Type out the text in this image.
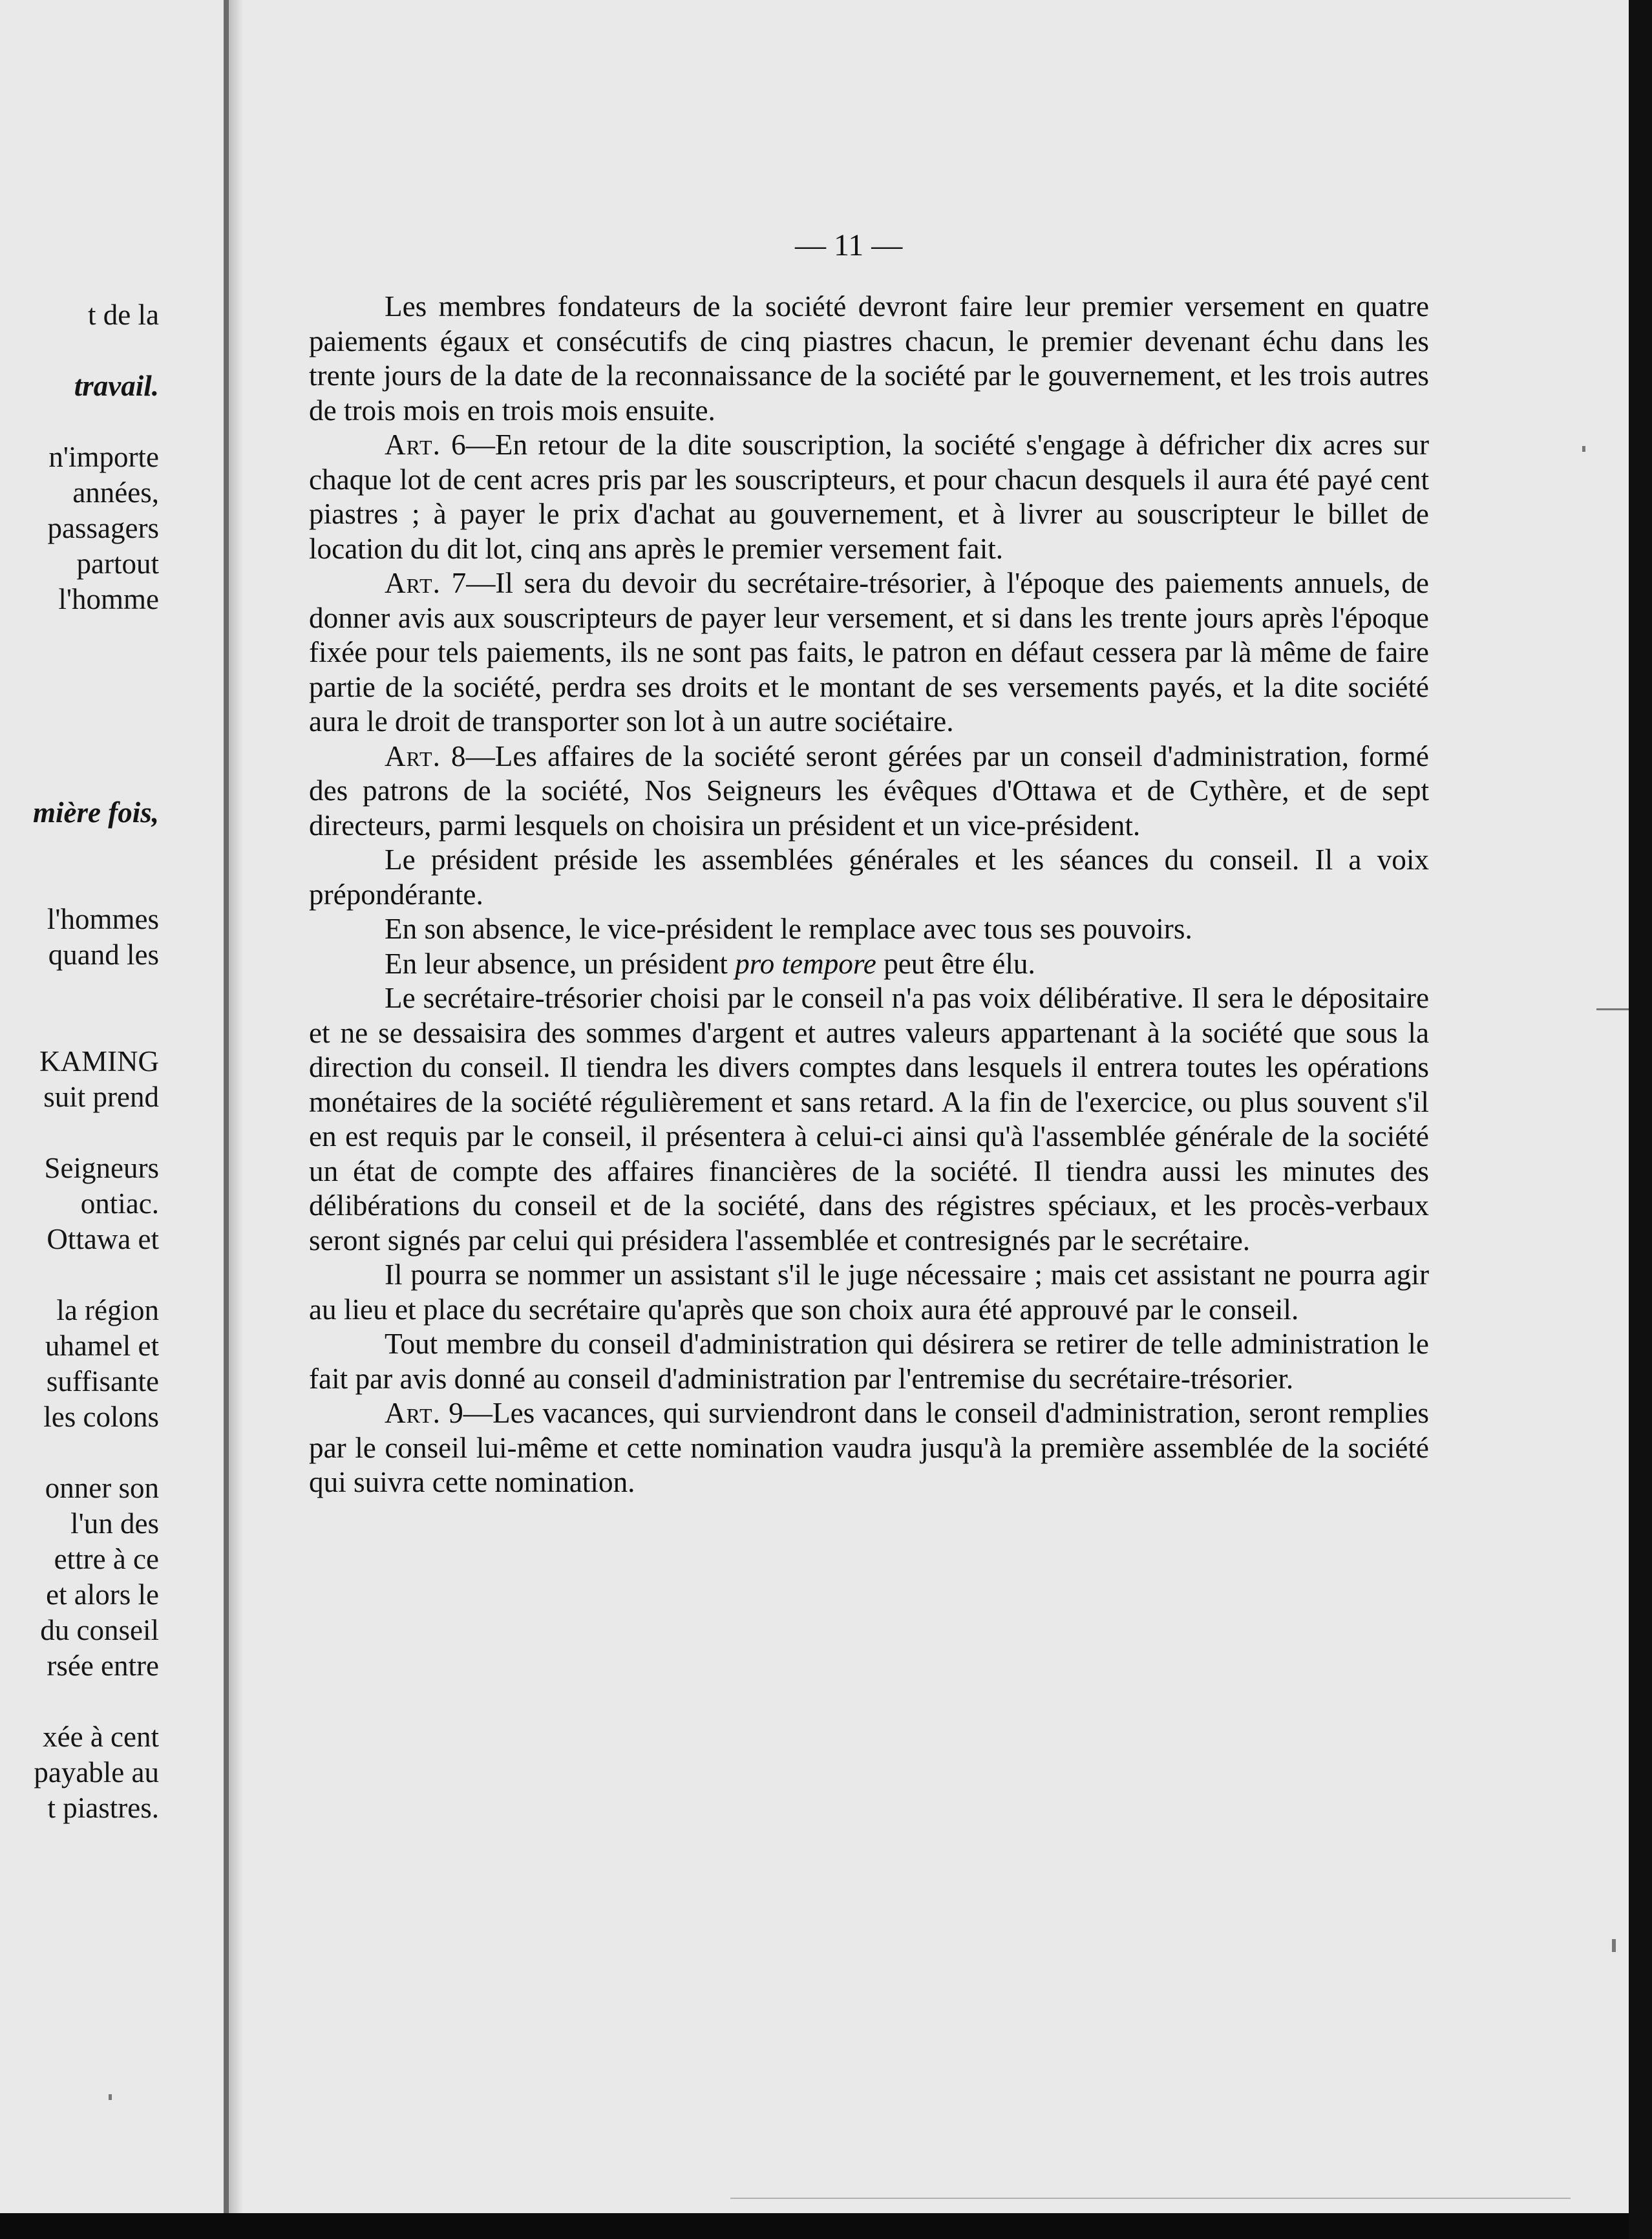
t de la
travail.
n'importe
années,
passagers
partout
l'homme
mière fois,
l'hommes
quand les
KAMING
suit prend
Seigneurs
ontiac.
Ottawa et
la région
uhamel et
suffisante
les colons
onner son
l'un des
ettre à ce
et alors le
du conseil
rsée entre
xée à cent
payable au
t piastres.
— 11 —

Les membres fondateurs de la société devront faire leur premier versement en quatre paiements égaux et consécutifs de cinq piastres chacun, le premier devenant échu dans les trente jours de la date de la reconnaissance de la société par le gouvernement, et les trois autres de trois mois en trois mois ensuite.

Art. 6—En retour de la dite souscription, la société s'engage à défricher dix acres sur chaque lot de cent acres pris par les souscripteurs, et pour chacun desquels il aura été payé cent piastres ; à payer le prix d'achat au gouvernement, et à livrer au souscripteur le billet de location du dit lot, cinq ans après le premier versement fait.

Art. 7—Il sera du devoir du secrétaire-trésorier, à l'époque des paiements annuels, de donner avis aux souscripteurs de payer leur versement, et si dans les trente jours après l'époque fixée pour tels paiements, ils ne sont pas faits, le patron en défaut cessera par là même de faire partie de la société, perdra ses droits et le montant de ses versements payés, et la dite société aura le droit de transporter son lot à un autre sociétaire.

Art. 8—Les affaires de la société seront gérées par un conseil d'administration, formé des patrons de la société, Nos Seigneurs les évêques d'Ottawa et de Cythère, et de sept directeurs, parmi lesquels on choisira un président et un vice-président.

Le président préside les assemblées générales et les séances du conseil. Il a voix prépondérante.

En son absence, le vice-président le remplace avec tous ses pouvoirs.

En leur absence, un président pro tempore peut être élu.

Le secrétaire-trésorier choisi par le conseil n'a pas voix délibérative. Il sera le dépositaire et ne se dessaisira des sommes d'argent et autres valeurs appartenant à la société que sous la direction du conseil. Il tiendra les divers comptes dans lesquels il entrera toutes les opérations monétaires de la société régulièrement et sans retard. A la fin de l'exercice, ou plus souvent s'il en est requis par le conseil, il présentera à celui-ci ainsi qu'à l'assemblée générale de la société un état de compte des affaires financières de la société. Il tiendra aussi les minutes des délibérations du conseil et de la société, dans des régistres spéciaux, et les procès-verbaux seront signés par celui qui présidera l'assemblée et contresignés par le secrétaire.

Il pourra se nommer un assistant s'il le juge nécessaire ; mais cet assistant ne pourra agir au lieu et place du secrétaire qu'après que son choix aura été approuvé par le conseil.

Tout membre du conseil d'administration qui désirera se retirer de telle administration le fait par avis donné au conseil d'administration par l'entremise du secrétaire-trésorier.

Art. 9—Les vacances, qui surviendront dans le conseil d'administration, seront remplies par le conseil lui-même et cette nomination vaudra jusqu'à la première assemblée de la société qui suivra cette nomination.
